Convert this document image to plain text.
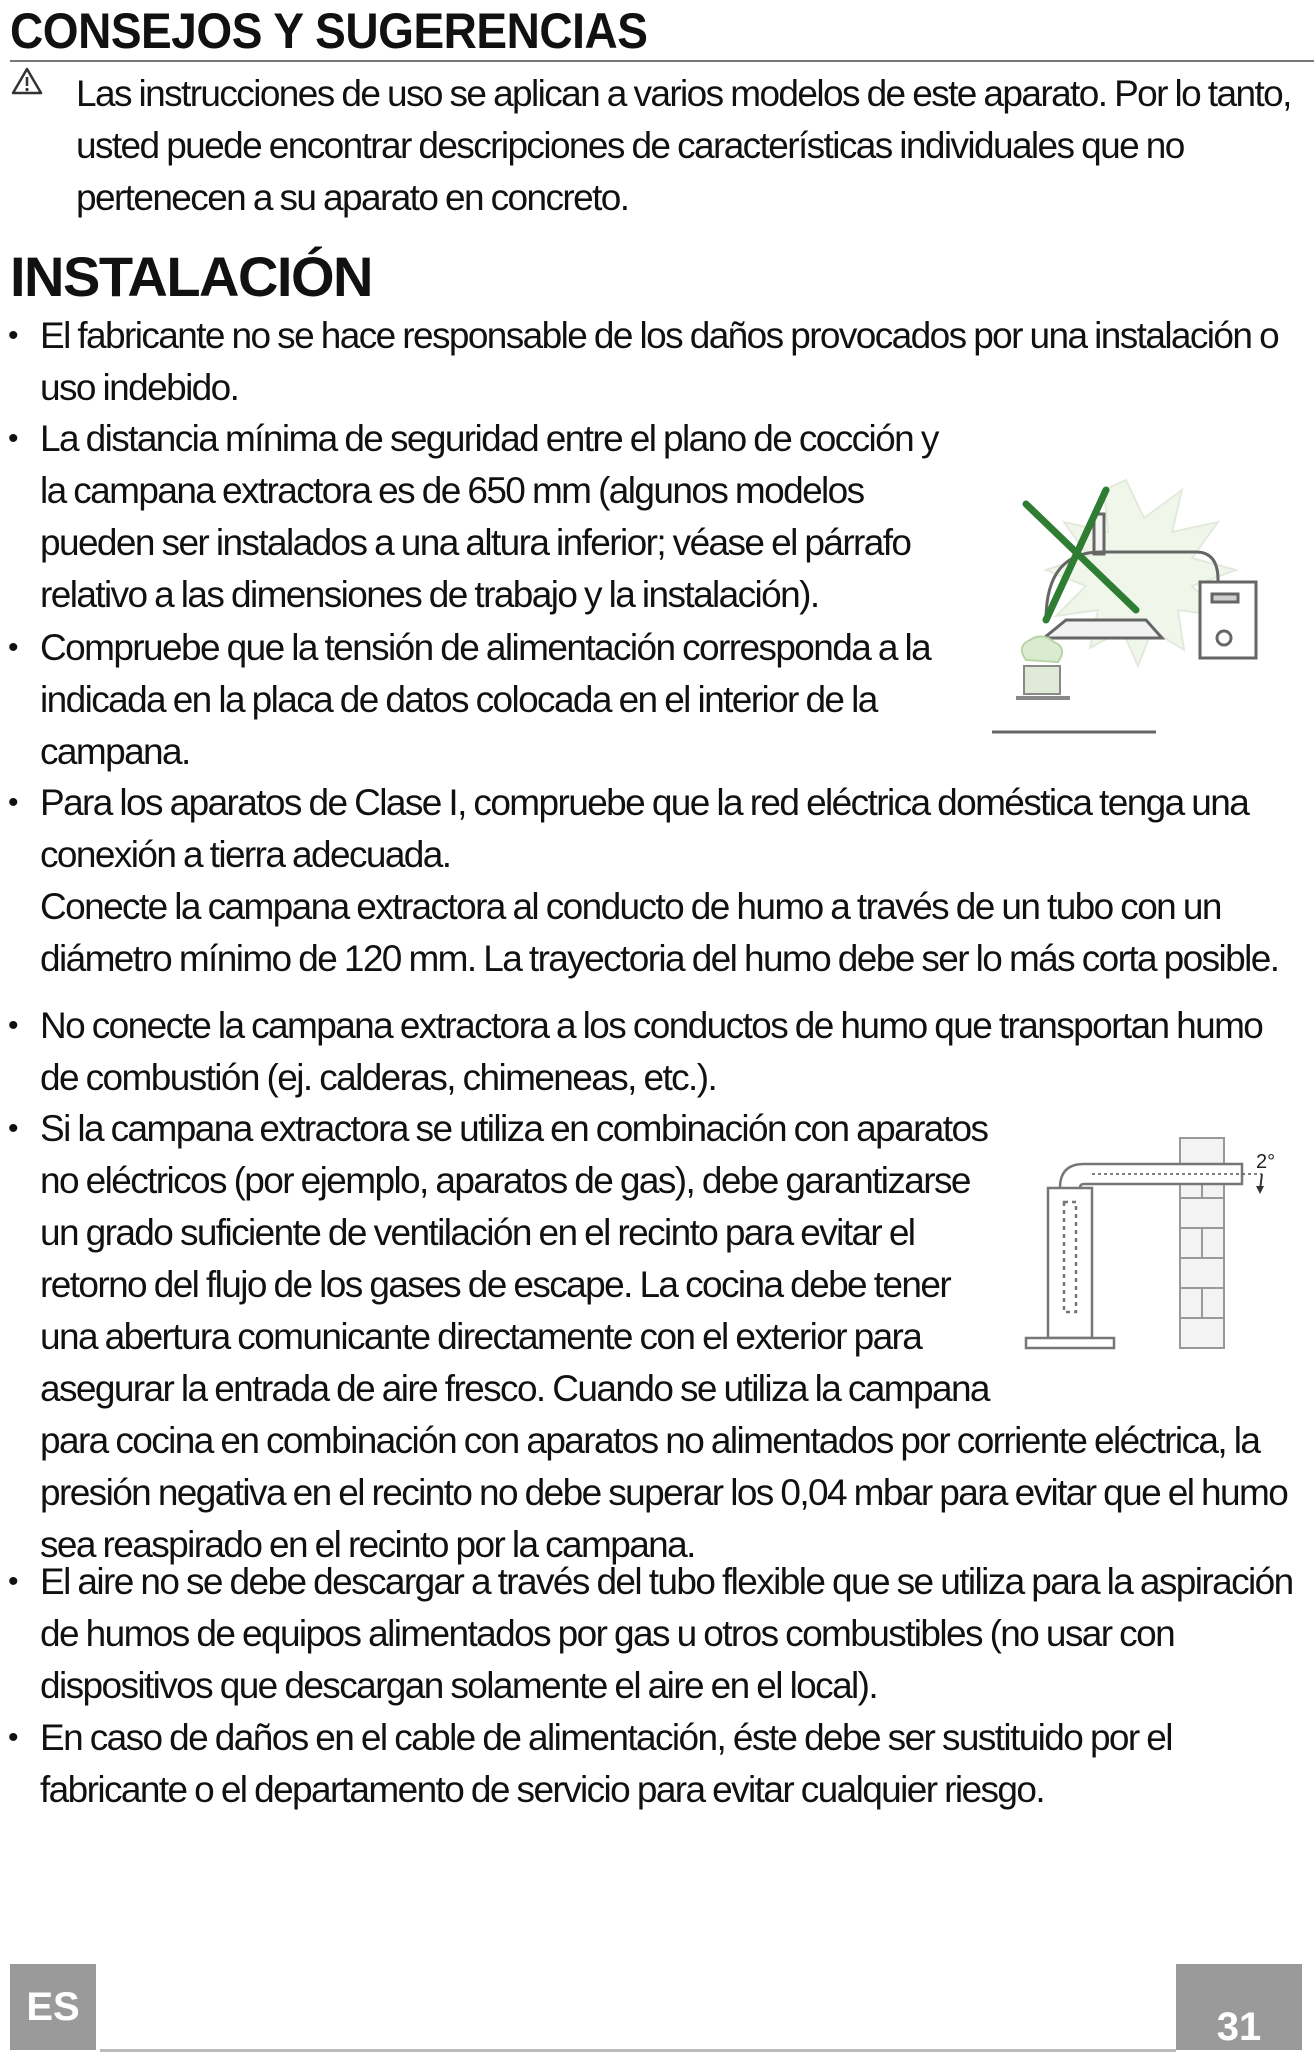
CONSEJOS Y SUGERENCIAS

Las instrucciones de uso se aplican a varios modelos de este aparato. Por lo tanto, usted puede encontrar descripciones de características individuales que no pertenecen a su aparato en concreto.

INSTALACIÓN
• El fabricante no se hace responsable de los daños provocados por una instalación o uso indebido.

• La distancia mínima de seguridad entre el plano de cocción y la campana extractora es de 650 mm (algunos modelos pueden ser instalados a una altura inferior; véase el párrafo relativo a las dimensiones de trabajo y la instalación).

• Compruebe que la tensión de alimentación corresponda a la indicada en la placa de datos colocada en el interior de la campana.

• Para los aparatos de Clase I, compruebe que la red eléctrica doméstica tenga una conexión a tierra adecuada.

Conecte la campana extractora al conducto de humo a través de un tubo con un diámetro mínimo de 120 mm. La trayectoria del humo debe ser lo más corta posible.

• No conecte la campana extractora a los conductos de humo que transportan humo de combustión (ej. calderas, chimeneas, etc.).

• Si la campana extractora se utiliza en combinación con aparatos no eléctricos (por ejemplo, aparatos de gas), debe garantizarse un grado suficiente de ventilación en el recinto para evitar el retorno del flujo de los gases de escape. La cocina debe tener una abertura comunicante directamente con el exterior para asegurar la entrada de aire fresco. Cuando se utiliza la campana

para cocina en combinación con aparatos no alimentados por corriente eléctrica, la presión negativa en el recinto no debe superar los 0,04 mbar para evitar que el humo sea reaspirado en el recinto por la campana.

• El aire no se debe descargar a través del tubo flexible que se utiliza para la aspiración de humos de equipos alimentados por gas u otros combustibles (no usar con dispositivos que descargan solamente el aire en el local).

• En caso de daños en el cable de alimentación, éste debe ser sustituido por el fabricante o el departamento de servicio para evitar cualquier riesgo.

2°
ES	31
